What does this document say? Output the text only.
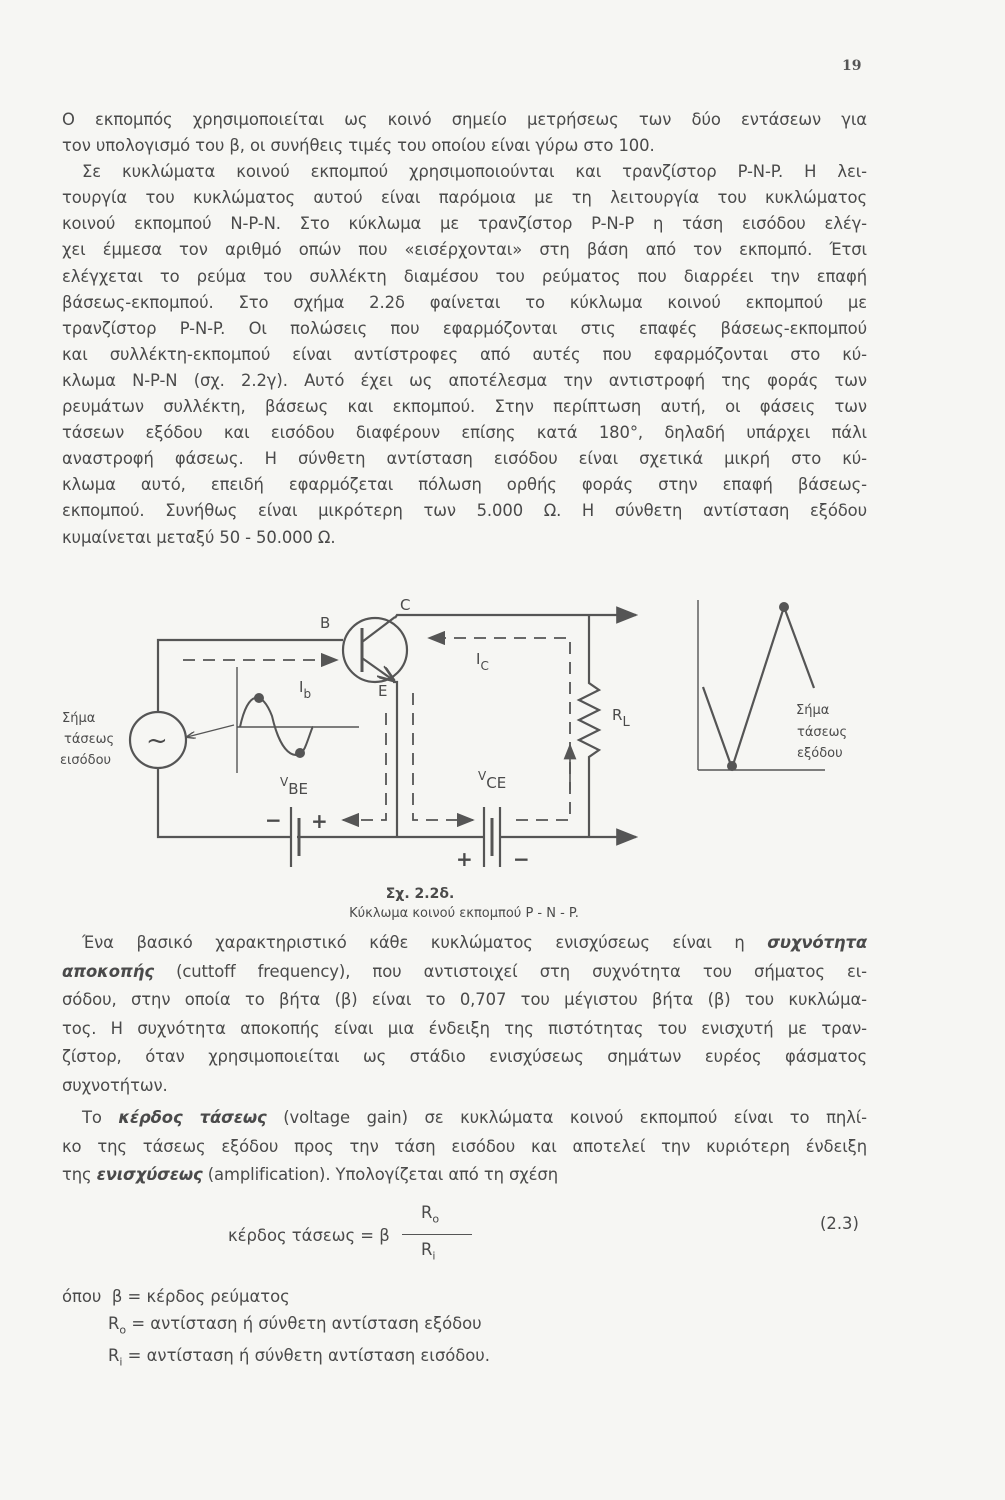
19
Ο εκπομπός χρησιμοποιείται ως κοινό σημείο μετρήσεως των δύο εντάσεων για
τον υπολογισμό του β, οι συνήθεις τιμές του οποίου είναι γύρω στο 100.
Σε κυκλώματα κοινού εκπομπού χρησιμοποιούνται και τρανζίστορ P-N-P. Η λει-
τουργία του κυκλώματος αυτού είναι παρόμοια με τη λειτουργία του κυκλώματος
κοινού εκπομπού N-P-N. Στο κύκλωμα με τρανζίστορ P-N-P η τάση εισόδου ελέγ-
χει έμμεσα τον αριθμό οπών που «εισέρχονται» στη βάση από τον εκπομπό. Έτσι
ελέγχεται το ρεύμα του συλλέκτη διαμέσου του ρεύματος που διαρρέει την επαφή
βάσεως-εκπομπού. Στο σχήμα 2.2δ φαίνεται το κύκλωμα κοινού εκπομπού με
τρανζίστορ P-N-P. Οι πολώσεις που εφαρμόζονται στις επαφές βάσεως-εκπομπού
και συλλέκτη-εκπομπού είναι αντίστροφες από αυτές που εφαρμόζονται στο κύ-
κλωμα N-P-N (σχ. 2.2γ). Αυτό έχει ως αποτέλεσμα την αντιστροφή της φοράς των
ρευμάτων συλλέκτη, βάσεως και εκπομπού. Στην περίπτωση αυτή, οι φάσεις των
τάσεων εξόδου και εισόδου διαφέρουν επίσης κατά 180°, δηλαδή υπάρχει πάλι
αναστροφή φάσεως. Η σύνθετη αντίσταση εισόδου είναι σχετικά μικρή στο κύ-
κλωμα αυτό, επειδή εφαρμόζεται πόλωση ορθής φοράς στην επαφή βάσεως-
εκπομπού. Συνήθως είναι μικρότερη των 5.000 Ω. Η σύνθετη αντίσταση εξόδου
κυμαίνεται μεταξύ 50 - 50.000 Ω.
B
C
E
$I_b$
$I_C$
RL
VBE
VCE
− +
+ −
~
Σήμα
τάσεως
εισόδου
Σήμα
τάσεως
εξόδου
Σχ. 2.2δ.
Κύκλωμα κοινού εκπομπού P - N - P.
Ένα βασικό χαρακτηριστικό κάθε κυκλώματος ενισχύσεως είναι η συχνότητα
αποκοπής (cuttoff frequency), που αντιστοιχεί στη συχνότητα του σήματος ει-
σόδου, στην οποία το βήτα (β) είναι το 0,707 του μέγιστου βήτα (β) του κυκλώμα-
τος. Η συχνότητα αποκοπής είναι μια ένδειξη της πιστότητας του ενισχυτή με τραν-
ζίστορ, όταν χρησιμοποιείται ως στάδιο ενισχύσεως σημάτων ευρέος φάσματος
συχνοτήτων.
Το κέρδος τάσεως (voltage gain) σε κυκλώματα κοινού εκπομπού είναι το πηλί-
κο της τάσεως εξόδου προς την τάση εισόδου και αποτελεί την κυριότερη ένδειξη
της ενισχύσεως (amplification). Υπολογίζεται από τη σχέση
κέρδος τάσεως = β
$R_o$
$R_i$
(2.3)
όπου β = κέρδος ρεύματος
$R_o = \alpha\nu\tau ί\sigma\tau\alpha\sigma\eta$ ή σύνθετη αντίσταση εξόδου
$R_i = \alpha\nu\tau ί\sigma\tau\alpha\sigma\eta$ ή σύνθετη αντίσταση εισόδου.
